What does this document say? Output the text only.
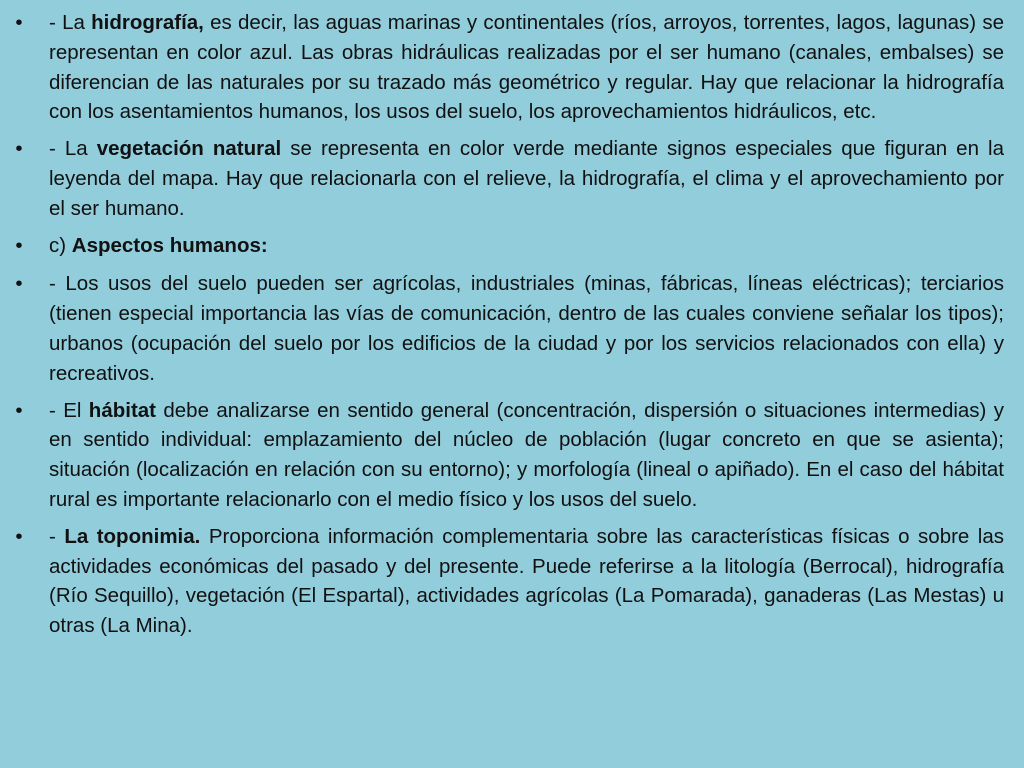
• - La hidrografía, es decir, las aguas marinas y continentales (ríos, arroyos, torrentes, lagos, lagunas) se representan en color azul. Las obras hidráulicas realizadas por el ser humano (canales, embalses) se diferencian de las naturales por su trazado más geométrico y regular. Hay que relacionar la hidrografía con los asentamientos humanos, los usos del suelo, los aprovechamientos hidráulicos, etc.
• - La vegetación natural se representa en color verde mediante signos especiales que figuran en la leyenda del mapa. Hay que relacionarla con el relieve, la hidrografía, el clima y el aprovechamiento por el ser humano.
• c) Aspectos humanos:
• - Los usos del suelo pueden ser agrícolas, industriales (minas, fábricas, líneas eléctricas); terciarios (tienen especial importancia las vías de comunicación, dentro de las cuales conviene señalar los tipos); urbanos (ocupación del suelo por los edificios de la ciudad y por los servicios relacionados con ella) y recreativos.
• - El hábitat debe analizarse en sentido general (concentración, dispersión o situaciones intermedias) y en sentido individual: emplazamiento del núcleo de población (lugar concreto en que se asienta); situación (localización en relación con su entorno); y morfología (lineal o apiñado). En el caso del hábitat rural es importante relacionarlo con el medio físico y los usos del suelo.
• - La toponimia. Proporciona información complementaria sobre las características físicas o sobre las actividades económicas del pasado y del presente. Puede referirse a la litología (Berrocal), hidrografía (Río Sequillo), vegetación (El Espartal), actividades agrícolas (La Pomarada), ganaderas (Las Mestas) u otras (La Mina).
